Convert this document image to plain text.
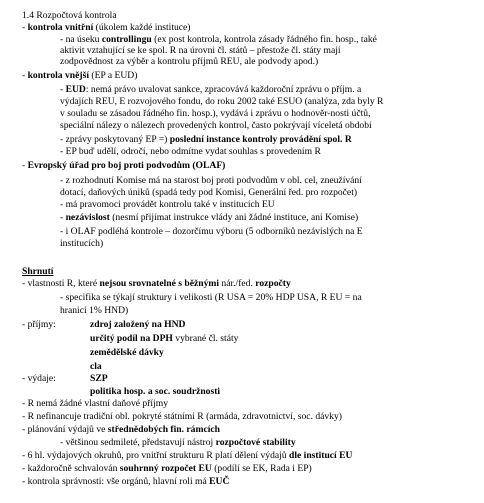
1.4 Rozpočtová kontrola
- kontrola vnitřní (úkolem každé instituce)
- na úseku controllingu (ex post kontrola, kontrola zásady řádného fin. hosp., také
aktivit vztahující se ke spol. R na úrovni čl. států – přestože čl. státy mají
zodpovědnost za výběr a kontrolu příjmů REU, ale podvody apod.)
- kontrola vnější (EP a EUD)
- EUD: nemá právo uvalovat sankce, zpracovává každoroční zprávu o příjm. a
výdajích REU, E rozvojového fondu, do roku 2002 také ESUO (analýza, zda byly R
v souladu se zásadou řádného fin. hosp.), vydává i zprávu o hodnověr-nosti účtů,
speciální nálezy o nálezech provedených kontrol, často pokrývají víceletá období
- zprávy poskytovaný EP =) poslední instance kontroly provádění spol. R
- EP buď udělí, odročí, nebo odmítne vydat souhlas s provedením R
- Evropský úřad pro boj proti podvodům (OLAF)
- z rozhodnutí Komise má na starost boj proti podvodům v obl. cel, zneužívání
dotací, daňových úniků (spadá tedy pod Komisi, Generální řed. pro rozpočet)
- má pravomoci provádět kontrolu také v institucích EU
- nezávislost (nesmí přijímat instrukce vlády ani žádné instituce, ani Komise)
- i OLAF podléhá kontrole – dozorčímu výboru (5 odborníků nezávislých na E
institucích)
Shrnutí
- vlastnosti R, které nejsou srovnatelné s běžnými nár./fed. rozpočty
- specifika se týkají struktury i velikosti (R USA = 20% HDP USA, R EU = na
hranici 1% HND)
- příjmy:	zdroj založený na HND
určitý podíl na DPH vybrané čl. státy
zemědělské dávky
cla
- výdaje:	SZP
politika hosp. a soc. soudržnosti
- R nemá žádné vlastní daňové příjmy
- R nefinancuje tradiční obl. pokryté státními R (armáda, zdravotnictví, soc. dávky)
- plánování výdajů ve střednědobých fin. rámcích
- většinou sedmileté, představují nástroj rozpočtové stability
- 6 hl. výdajových okruhů, pro vnitřní strukturu R platí dělení výdajů dle institucí EU
- každoročně schvalován souhrnný rozpočet EU (podílí se EK, Rada i EP)
- kontrola správnosti: vše orgánů, hlavní roli má EUČ
